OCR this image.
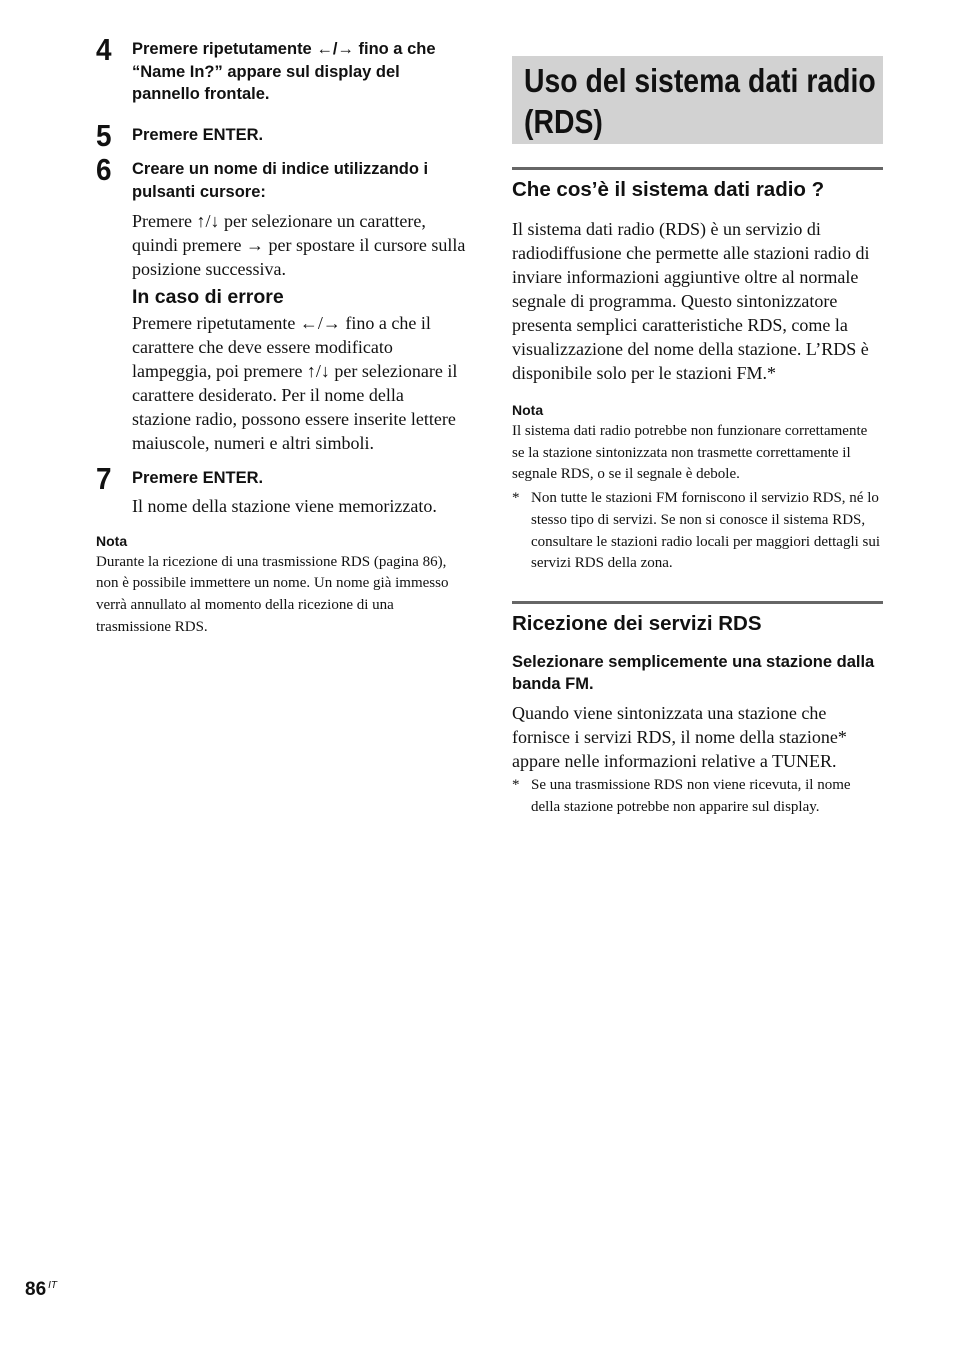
4 Premere ripetutamente ←/→ fino a che “Name In?” appare sul display del pannello frontale.

5 Premere ENTER.

6 Creare un nome di indice utilizzando i pulsanti cursore:

Premere ↑/↓ per selezionare un carattere, quindi premere → per spostare il cursore sulla posizione successiva.

In caso di errore

Premere ripetutamente ←/→ fino a che il carattere che deve essere modificato lampeggia, poi premere ↑/↓ per selezionare il carattere desiderato. Per il nome della stazione radio, possono essere inserite lettere maiuscole, numeri e altri simboli.

7 Premere ENTER.

Il nome della stazione viene memorizzato.

Nota

Durante la ricezione di una trasmissione RDS (pagina 86), non è possibile immettere un nome. Un nome già immesso verrà annullato al momento della ricezione di una trasmissione RDS.

Uso del sistema dati radio (RDS)

Che cos’è il sistema dati radio ?

Il sistema dati radio (RDS) è un servizio di radiodiffusione che permette alle stazioni radio di inviare informazioni aggiuntive oltre al normale segnale di programma. Questo sintonizzatore presenta semplici caratteristiche RDS, come la visualizzazione del nome della stazione. L’RDS è disponibile solo per le stazioni FM.*

Nota

Il sistema dati radio potrebbe non funzionare correttamente se la stazione sintonizzata non trasmette correttamente il segnale RDS, o se il segnale è debole.

* Non tutte le stazioni FM forniscono il servizio RDS, né lo stesso tipo di servizi. Se non si conosce il sistema RDS, consultare le stazioni radio locali per maggiori dettagli sui servizi RDS della zona.

Ricezione dei servizi RDS

Selezionare semplicemente una stazione dalla banda FM.

Quando viene sintonizzata una stazione che fornisce i servizi RDS, il nome della stazione* appare nelle informazioni relative a TUNER.

* Se una trasmissione RDS non viene ricevuta, il nome della stazione potrebbe non apparire sul display.

86 $^{IT}$
